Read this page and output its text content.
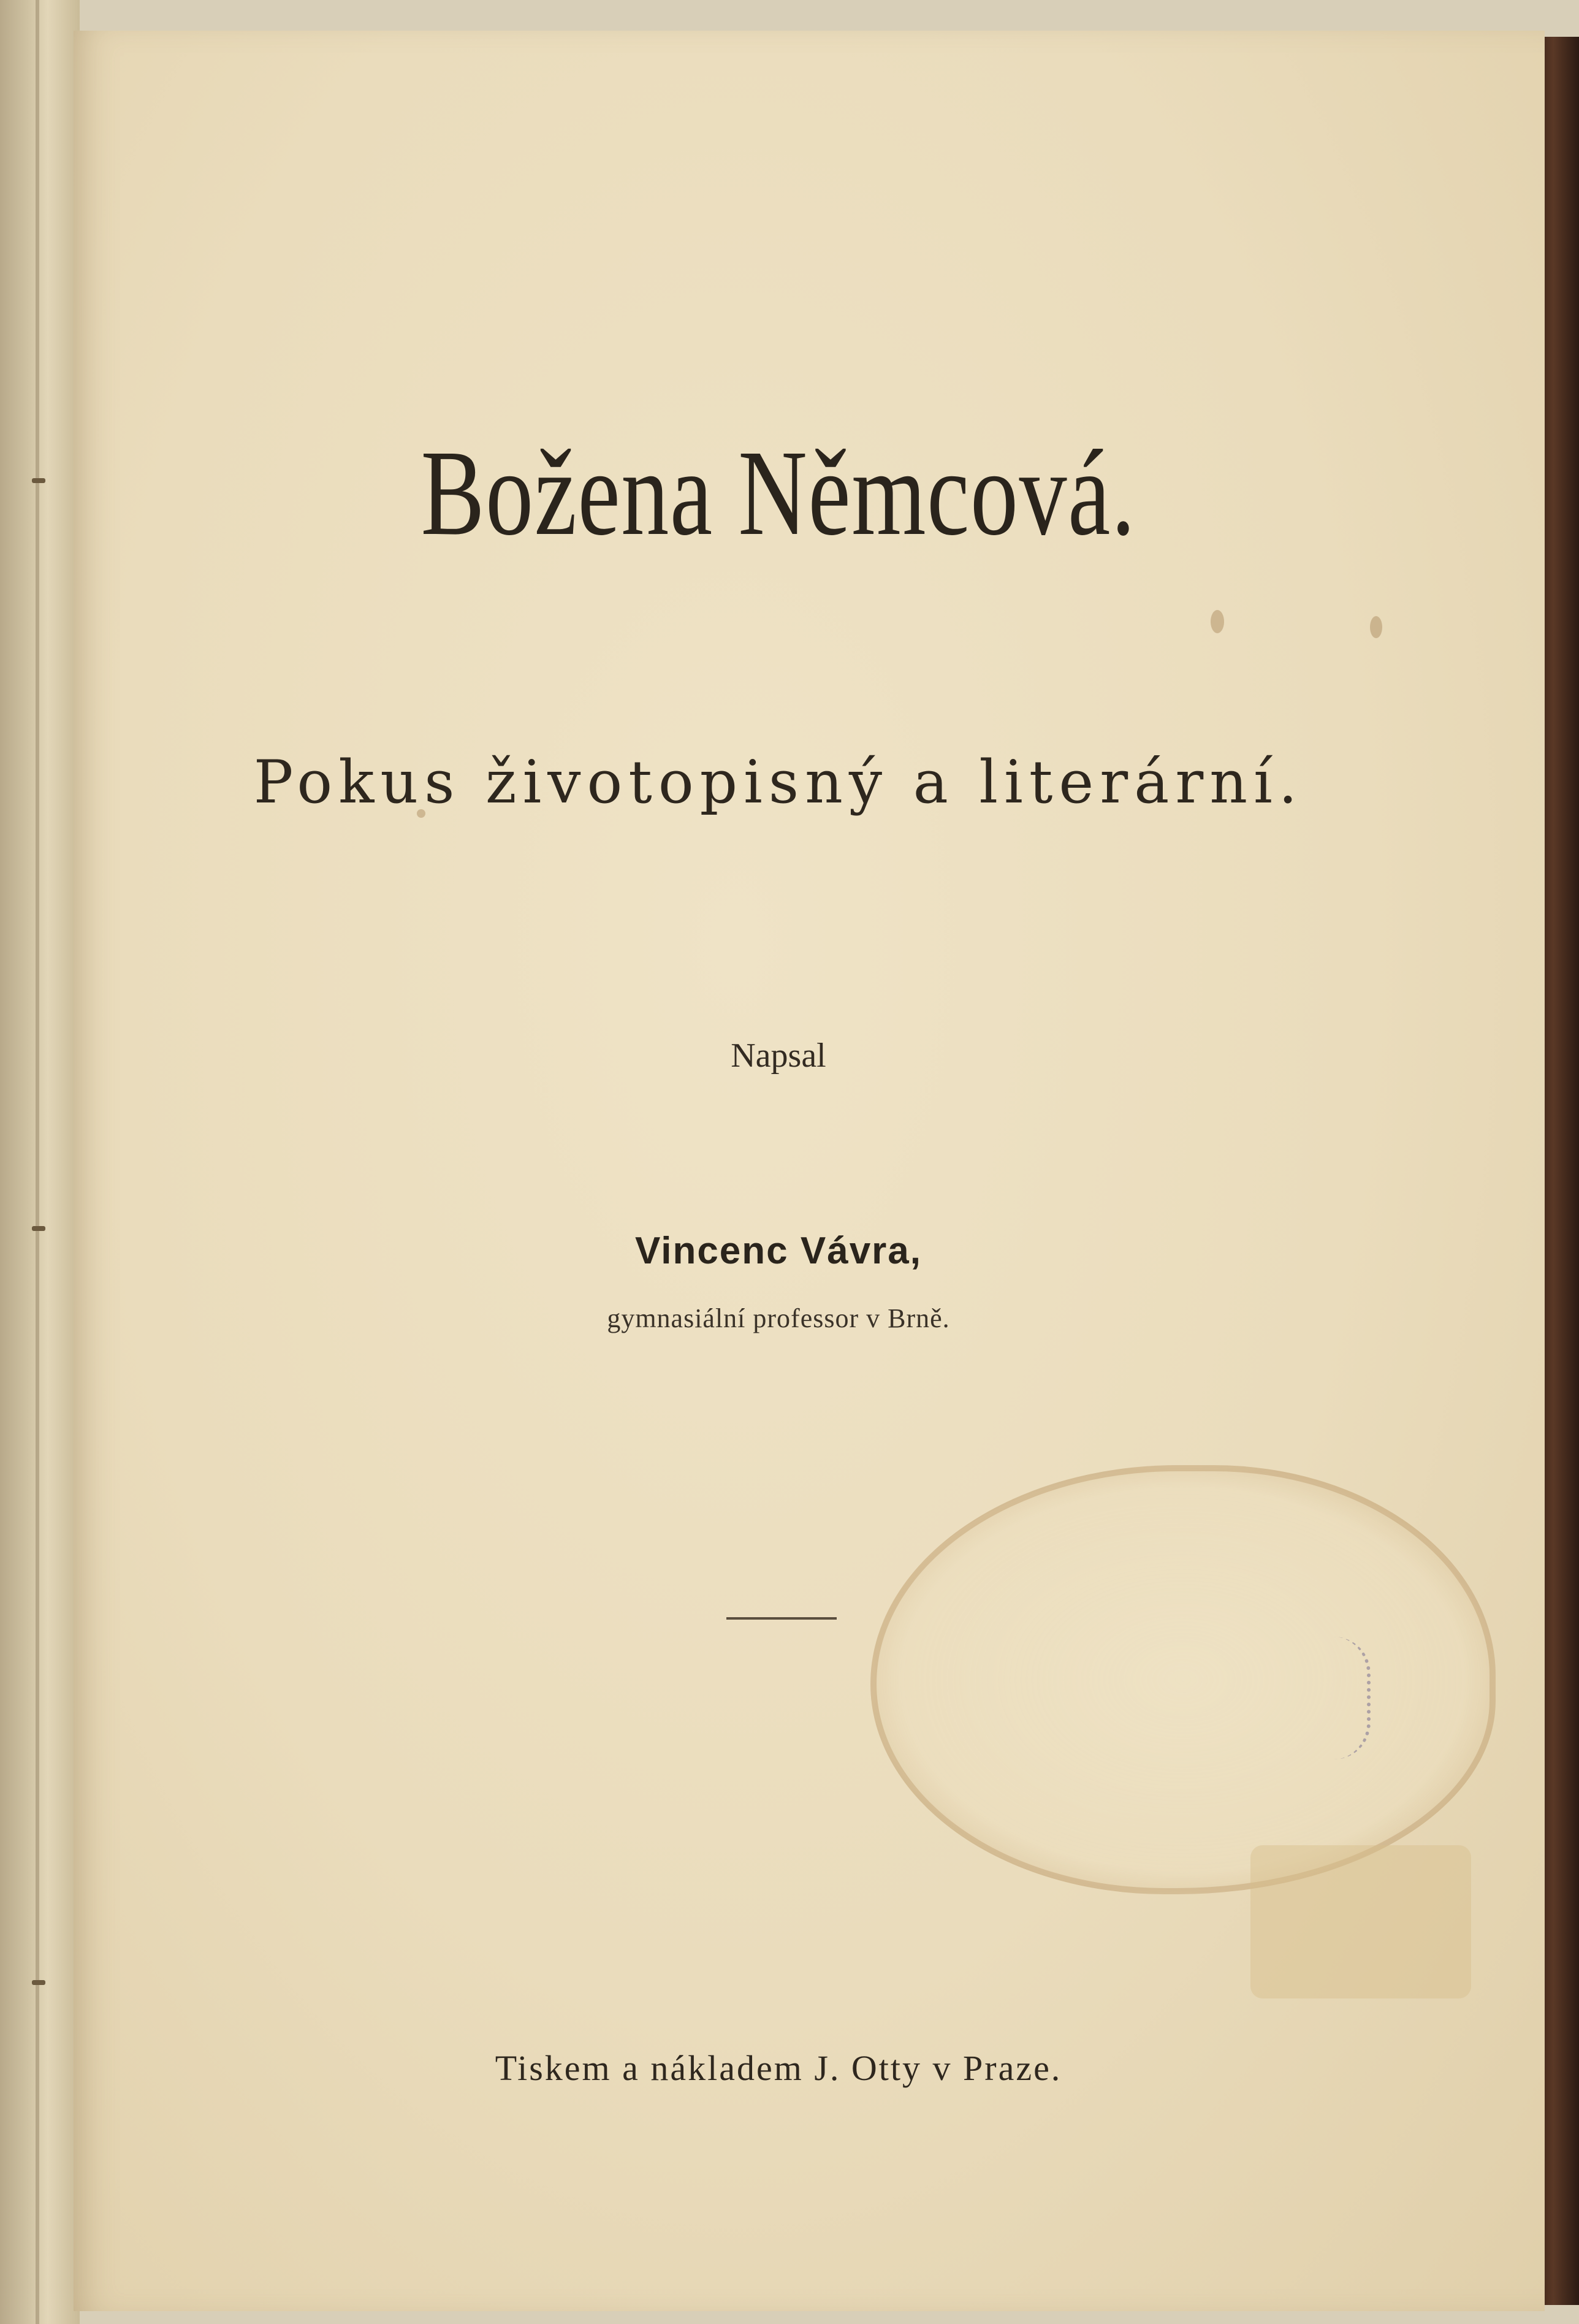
Božena Němcová.
Pokus životopisný a literární.
Napsal
Vincenc Vávra,
gymnasiální professor v Brně.
Tiskem a nákladem J. Otty v Praze.
